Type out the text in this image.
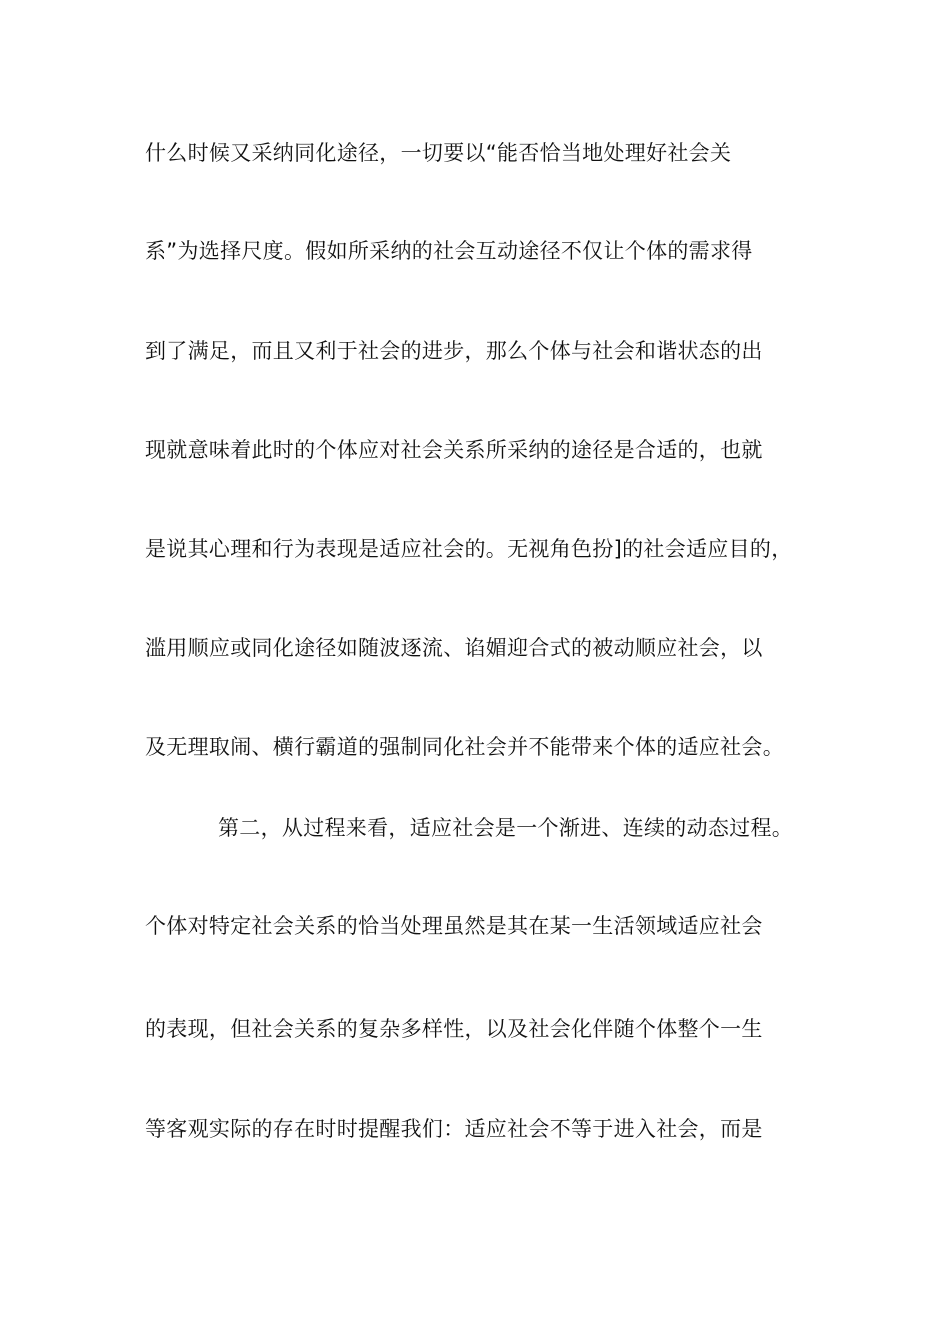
什么时候又采纳同化途径，一切要以“能否恰当地处理好社会关
系”为选择尺度。假如所采纳的社会互动途径不仅让个体的需求得
到了满足，而且又利于社会的进步，那么个体与社会和谐状态的出
现就意味着此时的个体应对社会关系所采纳的途径是合适的，也就
是说其心理和行为表现是适应社会的。无视角色扮]的社会适应目的，
滥用顺应或同化途径如随波逐流、谄媚迎合式的被动顺应社会，以
及无理取闹、横行霸道的强制同化社会并不能带来个体的适应社会。
第二，从过程来看，适应社会是一个渐进、连续的动态过程。
个体对特定社会关系的恰当处理虽然是其在某一生活领域适应社会
的表现，但社会关系的复杂多样性，以及社会化伴随个体整个一生
等客观实际的存在时时提醒我们：适应社会不等于进入社会，而是
